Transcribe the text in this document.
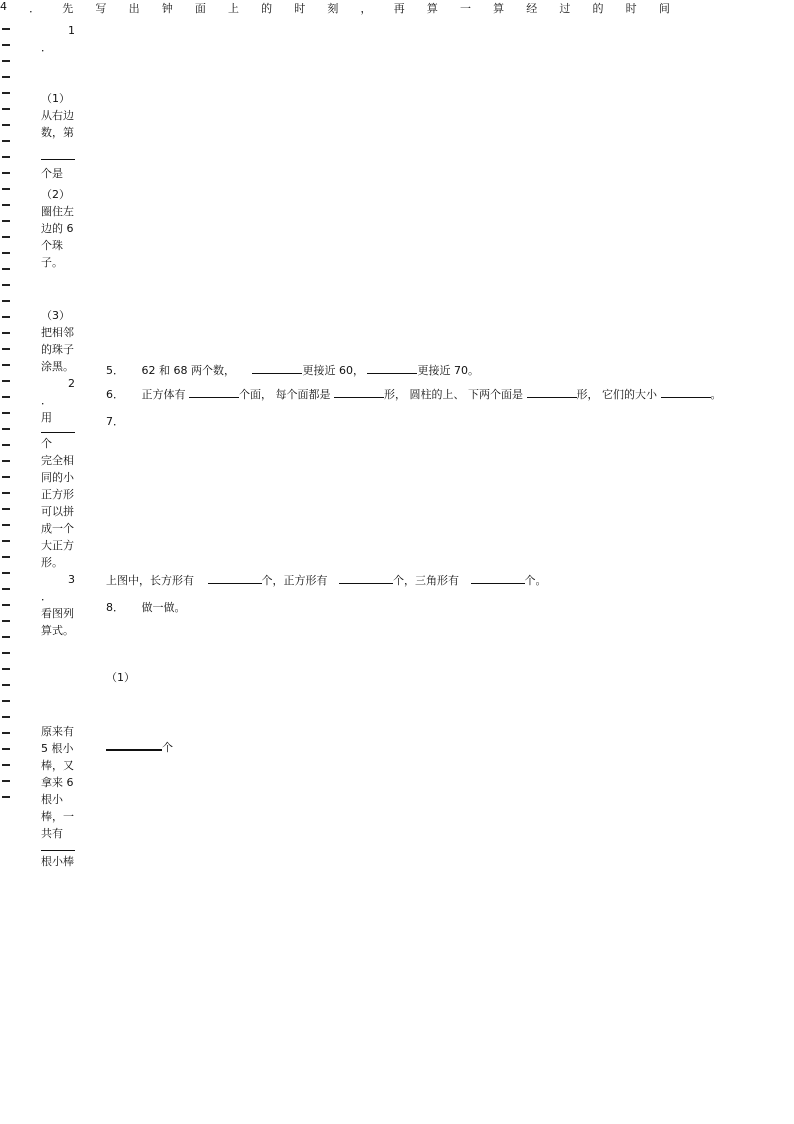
1
．
（1）从右边数，第
个是
（2）圈住左边的 6 个珠子。
（3）把相邻的珠子涂黑。
2
．
用
个
完全相同的小正方形可以拼成一个大正方形。
3
．
看图列算式。
原来有 5 根小棒，又拿来 6 根小棒，一共有
根小棒
4 ． 先 写 出 钟 面 上 的 时 刻 ， 再 算 一 算 经 过 的 时 间
5． 62 和 68 两个数，	更接近 60，	更接近 70。
6． 正方体有	个面， 每个面都是	形， 圆柱的上、 下两个面是	形， 它们的大小	。
7．
上图中，长方形有	个，正方形有	个，三角形有	个。
8． 做一做。
（1）
个
